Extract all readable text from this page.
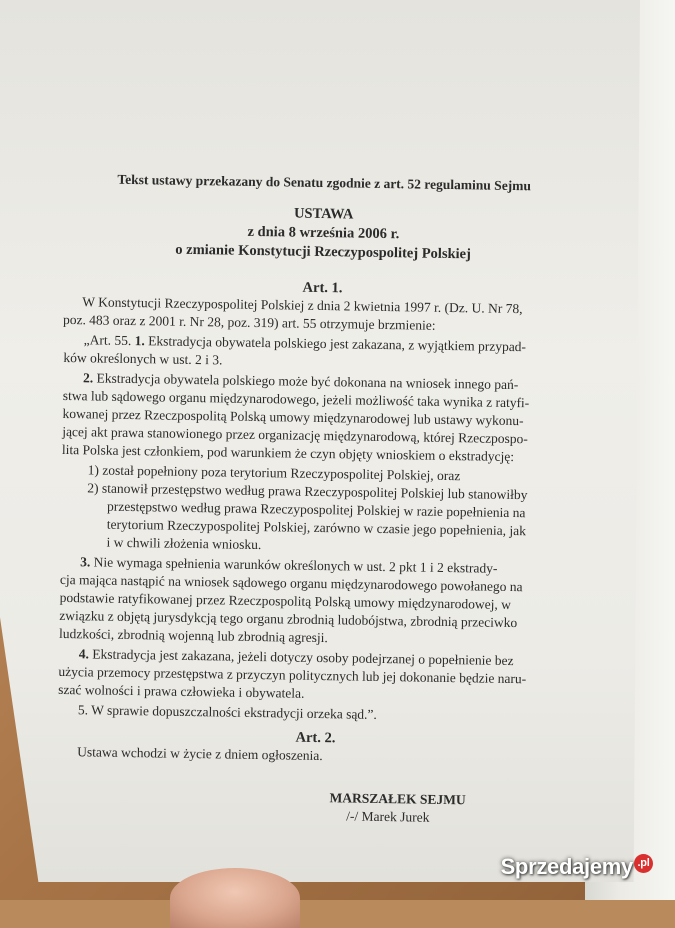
Tekst ustawy przekazany do Senatu zgodnie z art. 52 regulaminu Sejmu
USTAWA
z dnia 8 września 2006 r.
o zmianie Konstytucji Rzeczypospolitej Polskiej
Art. 1.
W Konstytucji Rzeczypospolitej Polskiej z dnia 2 kwietnia 1997 r. (Dz. U. Nr 78,
poz. 483 oraz z 2001 r. Nr 28, poz. 319) art. 55 otrzymuje brzmienie:
„Art. 55. 1. Ekstradycja obywatela polskiego jest zakazana, z wyjątkiem przypad-
ków określonych w ust. 2 i 3.
2. Ekstradycja obywatela polskiego może być dokonana na wniosek innego pań-
stwa lub sądowego organu międzynarodowego, jeżeli możliwość taka wynika z ratyfi-
kowanej przez Rzeczpospolitą Polską umowy międzynarodowej lub ustawy wykonu-
jącej akt prawa stanowionego przez organizację międzynarodową, której Rzeczpospo-
lita Polska jest członkiem, pod warunkiem że czyn objęty wnioskiem o ekstradycję:
1) został popełniony poza terytorium Rzeczypospolitej Polskiej, oraz
2) stanowił przestępstwo według prawa Rzeczypospolitej Polskiej lub stanowiłby
przestępstwo według prawa Rzeczypospolitej Polskiej w razie popełnienia na
terytorium Rzeczypospolitej Polskiej, zarówno w czasie jego popełnienia, jak
i w chwili złożenia wniosku.
3. Nie wymaga spełnienia warunków określonych w ust. 2 pkt 1 i 2 ekstrady-
cja mająca nastąpić na wniosek sądowego organu międzynarodowego powołanego na
podstawie ratyfikowanej przez Rzeczpospolitą Polską umowy międzynarodowej, w
związku z objętą jurysdykcją tego organu zbrodnią ludobójstwa, zbrodnią przeciwko
ludzkości, zbrodnią wojenną lub zbrodnią agresji.
4. Ekstradycja jest zakazana, jeżeli dotyczy osoby podejrzanej o popełnienie bez
użycia przemocy przestępstwa z przyczyn politycznych lub jej dokonanie będzie naru-
szać wolności i prawa człowieka i obywatela.
5. W sprawie dopuszczalności ekstradycji orzeka sąd.”.
Art. 2.
Ustawa wchodzi w życie z dniem ogłoszenia.
MARSZAŁEK SEJMU
/-/ Marek Jurek
Sprzedajemy .pl
